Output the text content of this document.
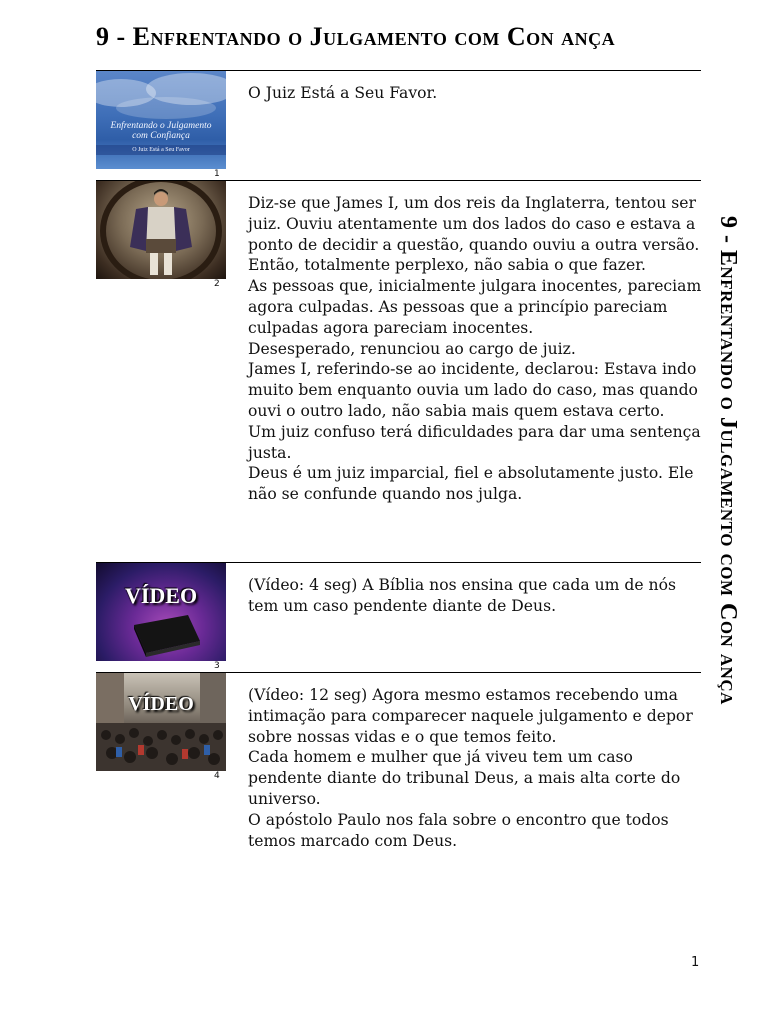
9 - Enfrentando o Julgamento com Con ança
9 - Enfrentando o Julgamento com Con ança
Enfrentando o Julgamento com Confiança
O Juiz Está a Seu Favor
1

O Juiz Está a Seu Favor.

2

Diz-se que James I, um dos reis da Inglaterra, tentou ser juiz. Ouviu atentamente um dos lados do caso e estava a ponto de decidir a questão, quando ouviu a outra versão.

Então, totalmente perplexo, não sabia o que fazer.

As pessoas que, inicialmente julgara inocentes, pareciam agora culpadas. As pessoas que a princípio pareciam culpadas agora pareciam inocentes.

Desesperado, renunciou ao cargo de juiz.

James I, referindo-se ao incidente, declarou: Estava indo muito bem enquanto ouvia um lado do caso, mas quando ouvi o outro lado, não sabia mais quem estava certo.

Um juiz confuso terá dificuldades para dar uma sentença justa.

Deus é um juiz imparcial, fiel e absolutamente justo. Ele não se confunde quando nos julga.

VÍDEO
3

(Vídeo: 4 seg) A Bíblia nos ensina que cada um de nós tem um caso pendente diante de Deus.

VÍDEO
4

(Vídeo: 12 seg) Agora mesmo estamos recebendo uma intimação para comparecer naquele julgamento e depor sobre nossas vidas e o que temos feito.

Cada homem e mulher que já viveu tem um caso pendente diante do tribunal Deus, a mais alta corte do universo.

O apóstolo Paulo nos fala sobre o encontro que todos temos marcado com Deus.

1
